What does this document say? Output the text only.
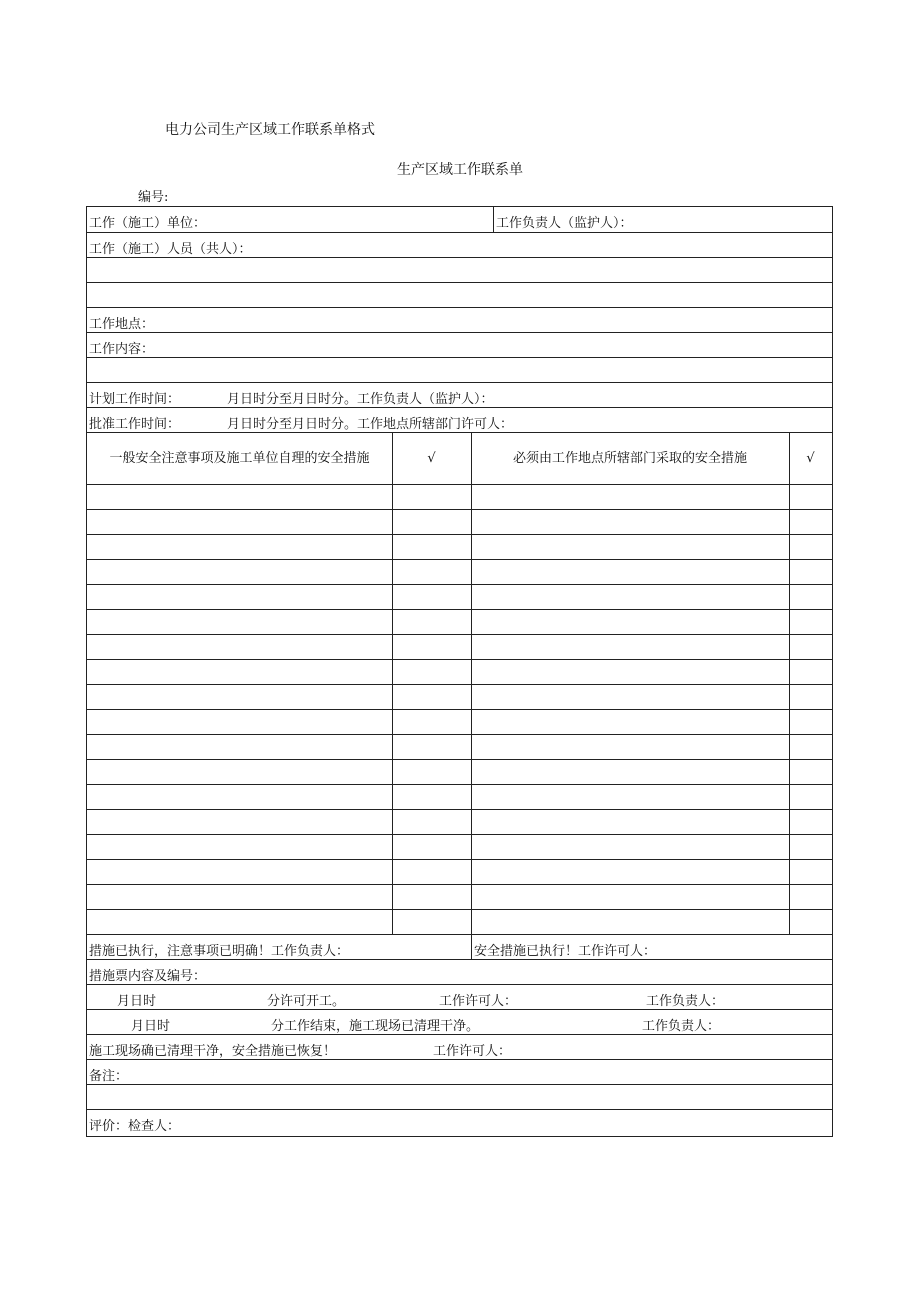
电力公司生产区域工作联系单格式
生产区域工作联系单
编号:
工作（施工）单位：	工作负责人（监护人）：
工作（施工）人员（共人）：
工作地点：
工作内容：
计划工作时间：	月日时分至月日时分。工作负责人（监护人）：
批准工作时间：	月日时分至月日时分。工作地点所辖部门许可人：
一般安全注意事项及施工单位自理的安全措施	√	必须由工作地点所辖部门采取的安全措施	√
措施已执行，注意事项已明确！工作负责人：	安全措施已执行！工作许可人：
措施票内容及编号：
月日时	分许可开工。	工作许可人：	工作负责人：
月日时	分工作结束，施工现场已清理干净。	工作负责人：
施工现场确已清理干净，安全措施已恢复！	工作许可人：
备注：
评价：检查人：
